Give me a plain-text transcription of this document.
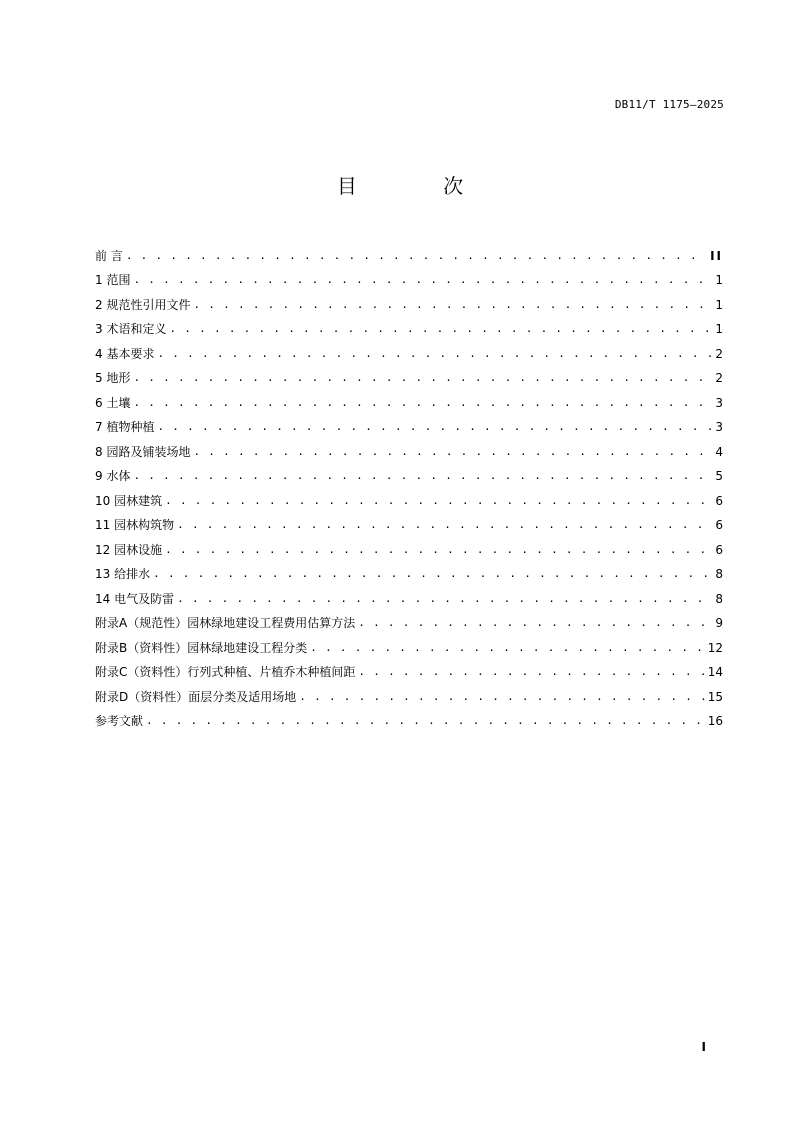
DB11/T 1175—2025
目 次
前 言 . . .	II
1 范围 . . .	1
2 规范性引用文件 . . .	1
3 术语和定义 . . .	1
4 基本要求 . . .	2
5 地形 . . .	2
6 土壤 . . .	3
7 植物种植 . . .	3
8 园路及铺装场地 . . .	4
9 水体 . . .	5
10 园林建筑 . . .	6
11 园林构筑物 . . .	6
12 园林设施 . . .	6
13 给排水 . . .	8
14 电气及防雷 . . .	8
附录A（规范性）园林绿地建设工程费用估算方法 . . .	9
附录B（资料性）园林绿地建设工程分类 . . .	12
附录C（资料性）行列式种植、片植乔木种植间距 . . .	14
附录D（资料性）面层分类及适用场地 . . .	15
参考文献 . . .	16
I
